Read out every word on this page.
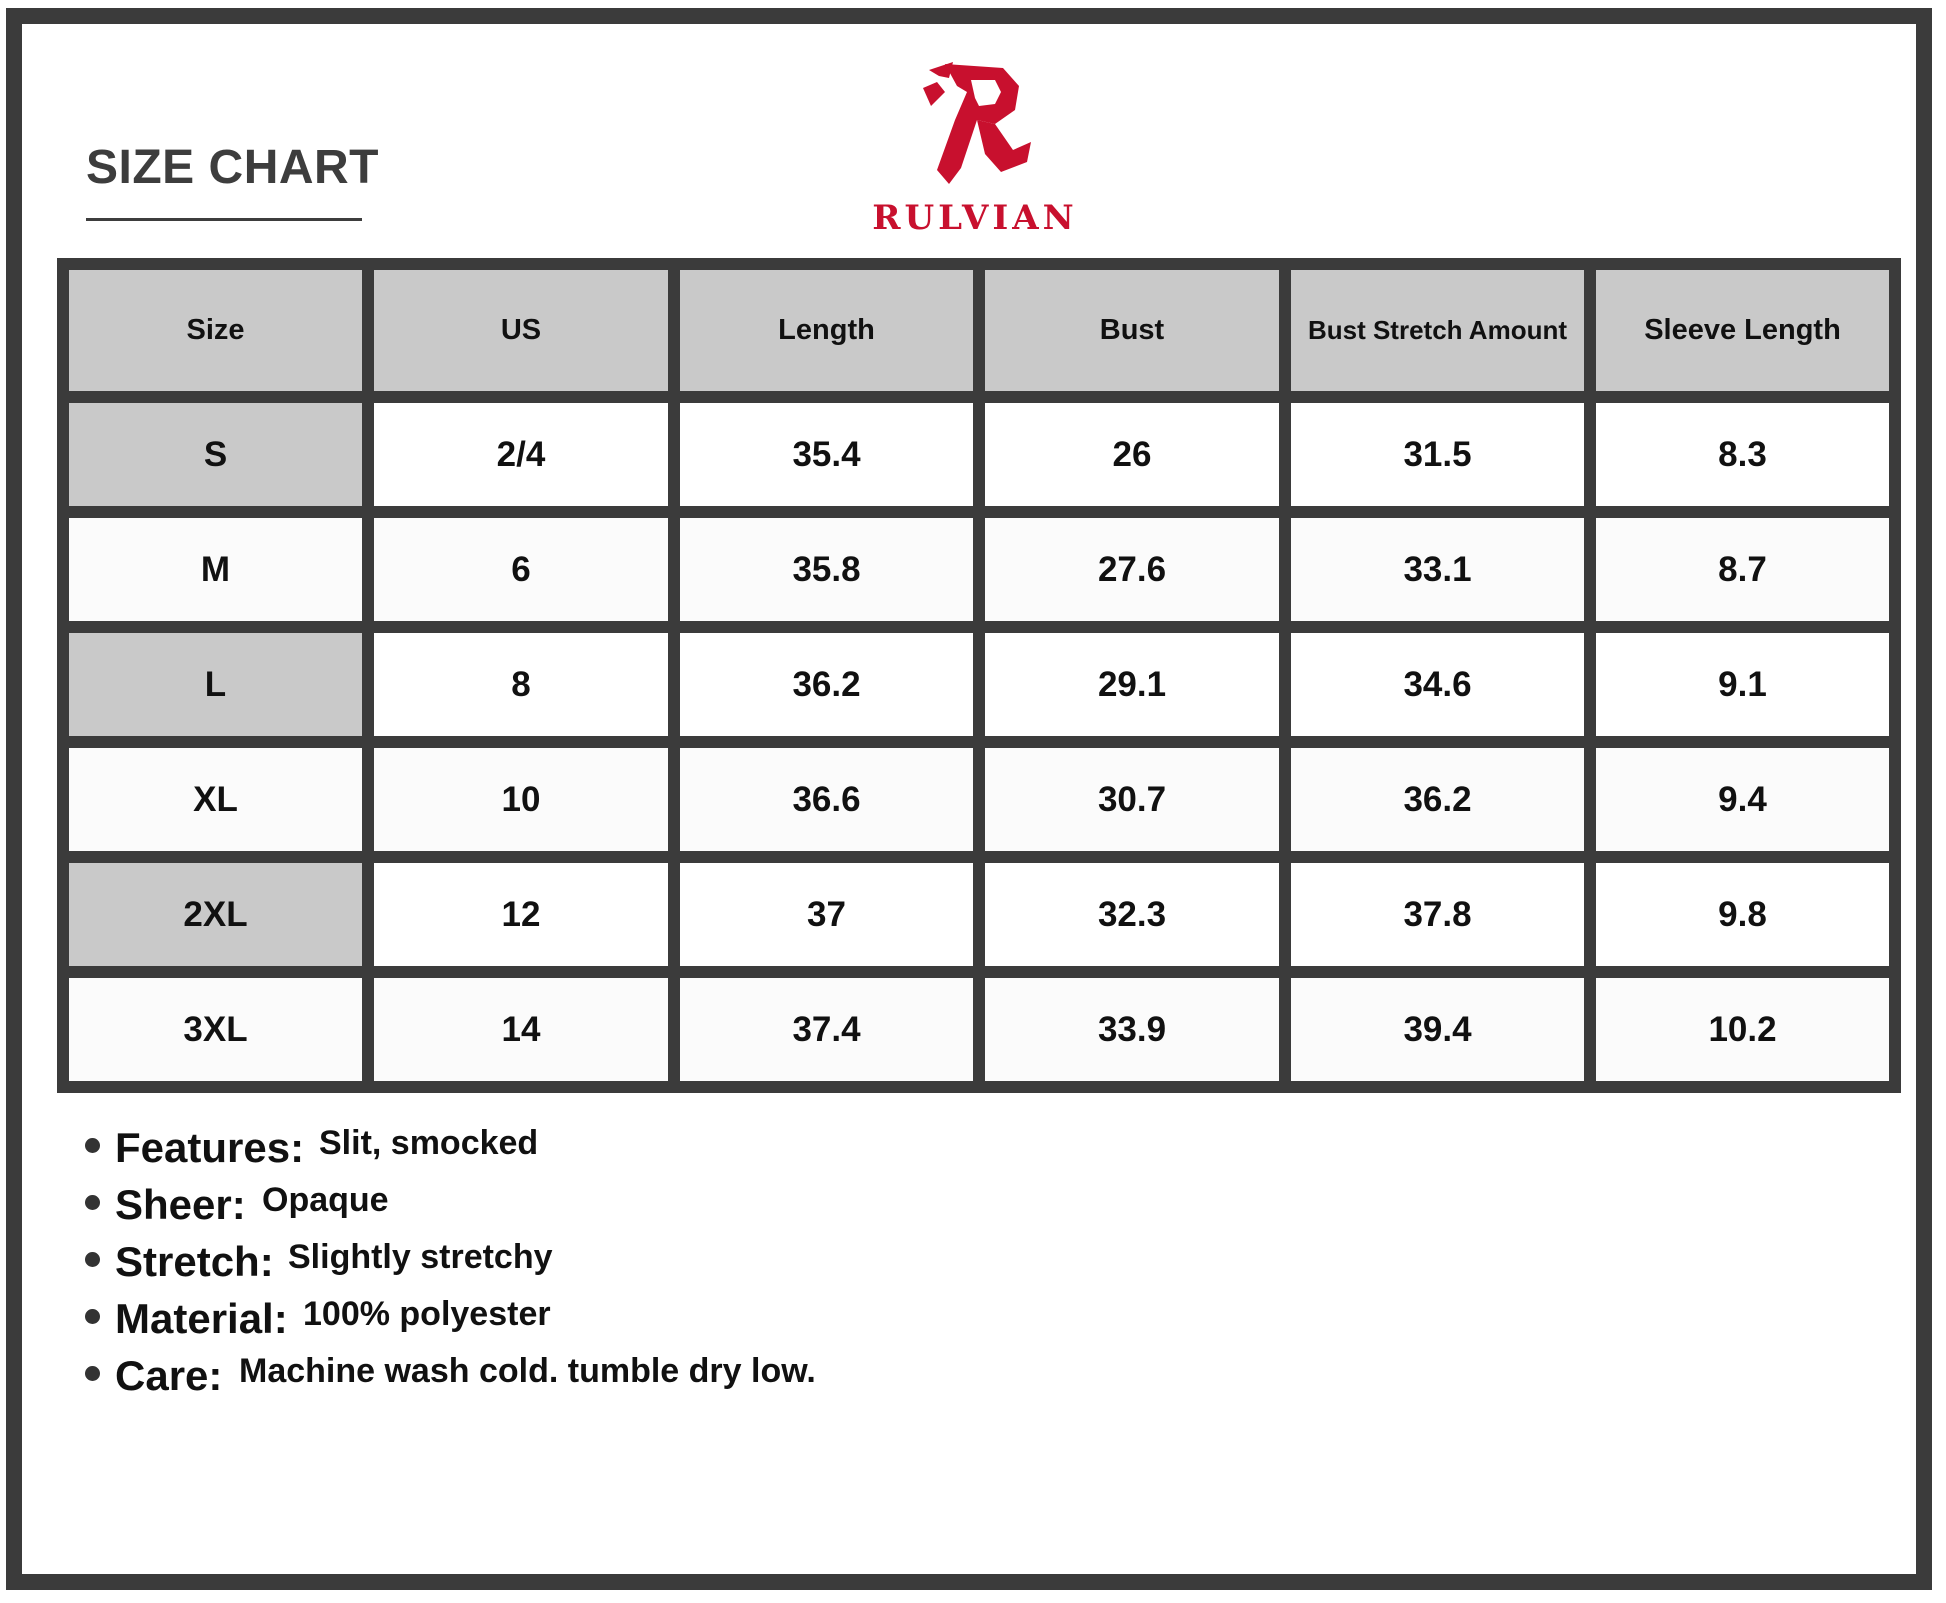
SIZE CHART
RULVIAN
Size	US	Length	Bust	Bust Stretch Amount	Sleeve Length
S	2/4	35.4	26	31.5	8.3
M	6	35.8	27.6	33.1	8.7
L	8	36.2	29.1	34.6	9.1
XL	10	36.6	30.7	36.2	9.4
2XL	12	37	32.3	37.8	9.8
3XL	14	37.4	33.9	39.4	10.2
Features: Slit, smocked
Sheer: Opaque
Stretch: Slightly stretchy
Material: 100% polyester
Care: Machine wash cold. tumble dry low.
